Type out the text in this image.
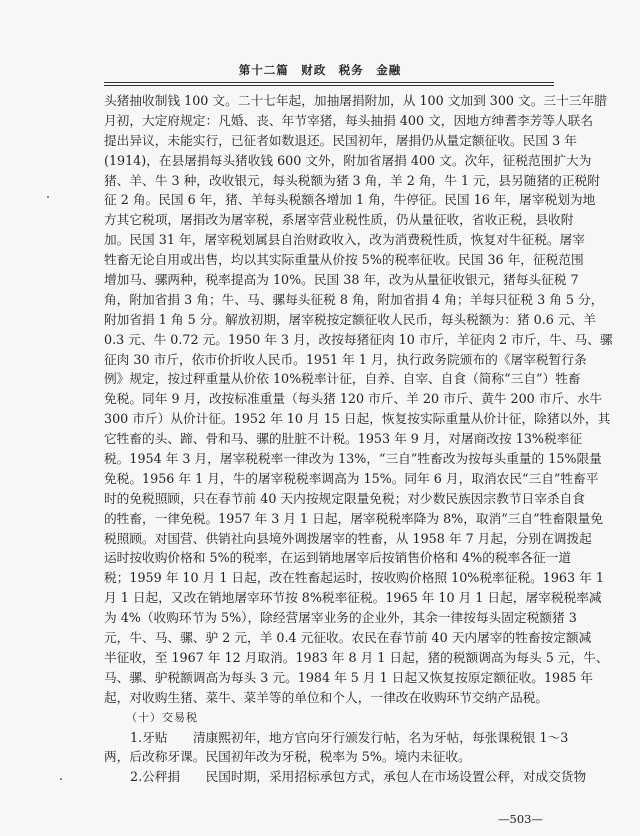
第十二篇　财政　税务　金融
头猪抽收制钱 100 文。二十七年起，加抽屠捐附加，从 100 文加到 300 文。三十三年腊
月初，大定府规定：凡婚、丧、年节宰猪，每头抽捐 400 文，因地方绅耆李芳等人联名
提出异议，未能实行，已征者如数退还。民国初年，屠捐仍从量定额征收。民国 3 年
(1914)，在县屠捐每头猪收钱 600 文外，附加省屠捐 400 文。次年，征税范围扩大为
猪、羊、牛 3 种，改收银元，每头税额为猪 3 角，羊 2 角，牛 1 元，县另随猪的正税附
征 2 角。民国 6 年，猪、羊每头税额各增加 1 角，牛停征。民国 16 年，屠宰税划为地
方其它税项，屠捐改为屠宰税，系屠宰营业税性质，仍从量征收，省收正税，县收附
加。民国 31 年，屠宰税划属县自治财政收入，改为消费税性质，恢复对牛征税。屠宰
牲畜无论自用或出售，均以其实际重量从价按 5%的税率征收。民国 36 年，征税范围
增加马、骡两种，税率提高为 10%。民国 38 年，改为从量征收银元，猪每头征税 7
角，附加省捐 3 角；牛、马、骡每头征税 8 角，附加省捐 4 角；羊每只征税 3 角 5 分，
附加省捐 1 角 5 分。解放初期，屠宰税按定额征收人民币，每头税额为：猪 0.6 元、羊
0.3 元、牛 0.72 元。1950 年 3 月，改按每猪征肉 10 市斤，羊征肉 2 市斤，牛、马、骡
征肉 30 市斤，依市价折收人民币。1951 年 1 月，执行政务院颁布的《屠宰税暂行条
例》规定，按过秤重量从价依 10%税率计征，自养、自宰、自食（简称“三自”）牲畜
免税。同年 9 月，改按标准重量（每头猪 120 市斤、羊 20 市斤、黄牛 200 市斤、水牛
300 市斤）从价计征。1952 年 10 月 15 日起，恢复按实际重量从价计征，除猪以外，其
它牲畜的头、蹄、骨和马、骡的肚脏不计税。1953 年 9 月，对屠商改按 13%税率征
税。1954 年 3 月，屠宰税税率一律改为 13%，“三自”牲畜改为按每头重量的 15%限量
免税。1956 年 1 月，牛的屠宰税税率调高为 15%。同年 6 月，取消农民“三自”牲畜平
时的免税照顾，只在春节前 40 天内按规定限量免税；对少数民族因宗教节日宰杀自食
的牲畜，一律免税。1957 年 3 月 1 日起，屠宰税税率降为 8%，取消“三自”牲畜限量免
税照顾。对国营、供销社向县境外调拨屠宰的牲畜，从 1958 年 7 月起，分别在调拨起
运时按收购价格和 5%的税率，在运到销地屠宰后按销售价格和 4%的税率各征一道
税；1959 年 10 月 1 日起，改在牲畜起运时，按收购价格照 10%税率征税。1963 年 1
月 1 日起，又改在销地屠宰环节按 8%税率征税。1965 年 10 月 1 日起，屠宰税税率减
为 4%（收购环节为 5%），除经营屠宰业务的企业外，其余一律按每头固定税额猪 3
元，牛、马、骡、驴 2 元，羊 0.4 元征收。农民在春节前 40 天内屠宰的牲畜按定额减
半征收，至 1967 年 12 月取消。1983 年 8 月 1 日起，猪的税额调高为每头 5 元，牛、
马、骡、驴税额调高为每头 3 元。1984 年 5 月 1 日起又恢复按原定额征收。1985 年
起，对收购生猪、菜牛、菜羊等的单位和个人，一律改在收购环节交纳产品税。
（十）交易税
1.牙贴　　清康熙初年，地方官向牙行颁发行帖，名为牙帖，每张课税银 1～3
两，后改称牙课。民国初年改为牙税，税率为 5%。境内未征收。
2.公秤捐　　民国时期，采用招标承包方式，承包人在市场设置公秤，对成交货物
—503—
